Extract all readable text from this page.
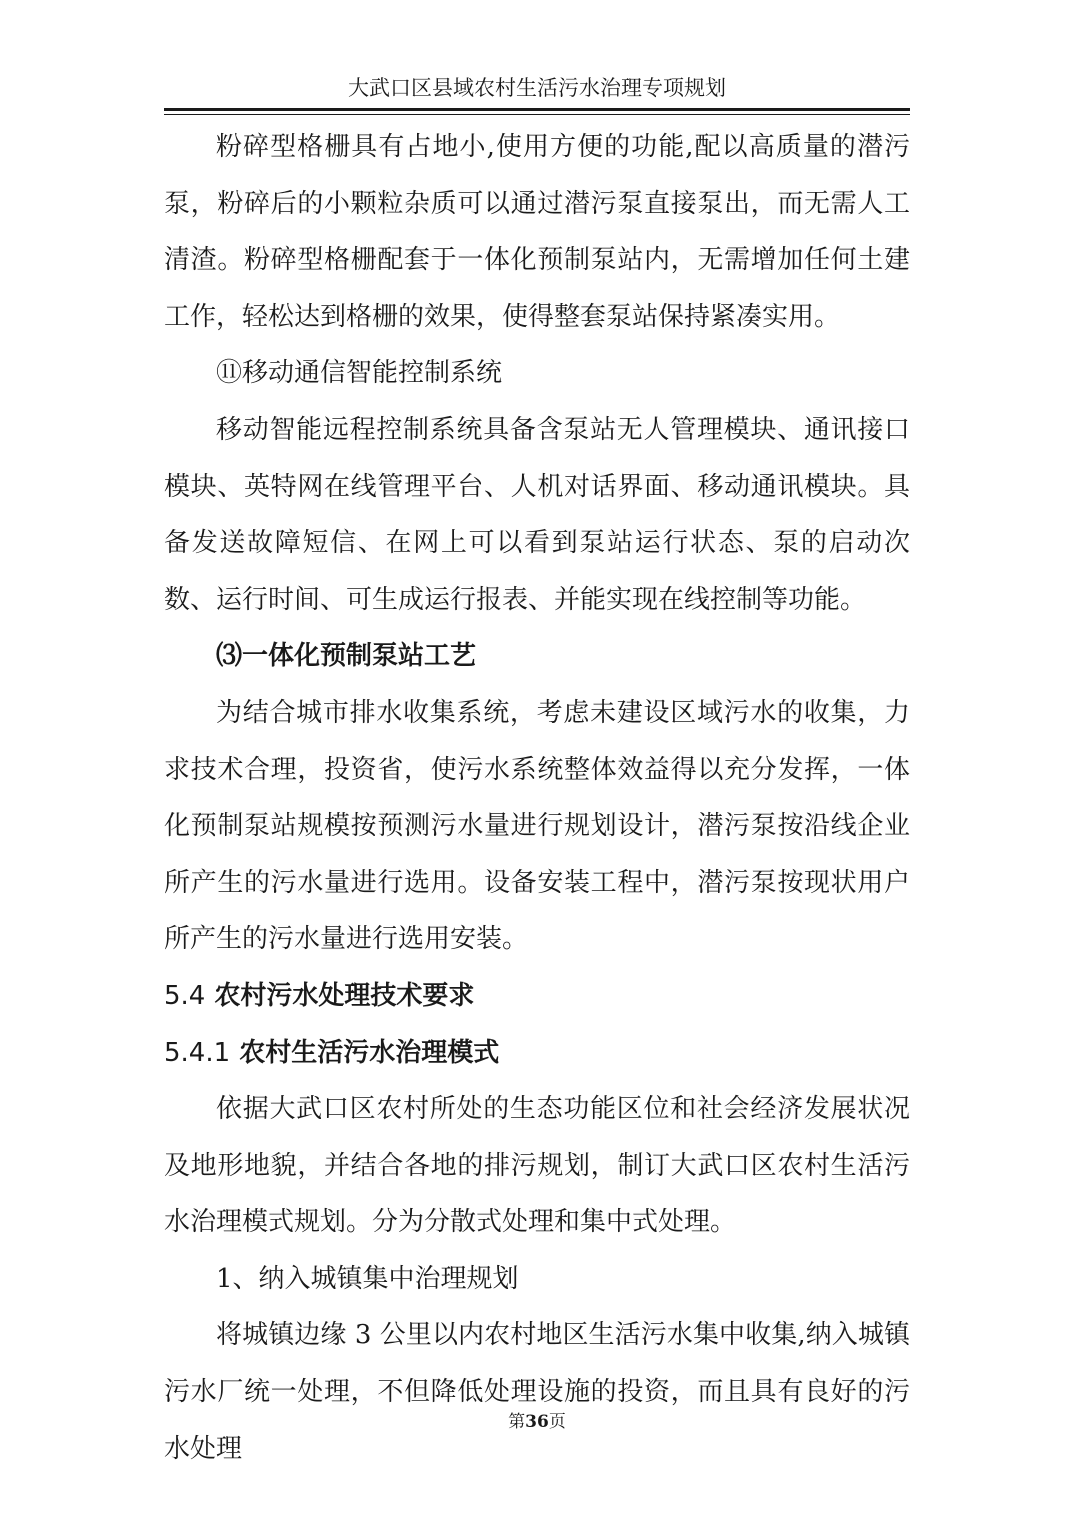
大武口区县域农村生活污水治理专项规划

粉碎型格栅具有占地小,使用方便的功能,配以高质量的潜污泵，粉碎后的小颗粒杂质可以通过潜污泵直接泵出，而无需人工清渣。粉碎型格栅配套于一体化预制泵站内，无需增加任何土建工作，轻松达到格栅的效果，使得整套泵站保持紧凑实用。

⑪移动通信智能控制系统

移动智能远程控制系统具备含泵站无人管理模块、通讯接口模块、英特网在线管理平台、人机对话界面、移动通讯模块。具备发送故障短信、在网上可以看到泵站运行状态、泵的启动次数、运行时间、可生成运行报表、并能实现在线控制等功能。

⑶一体化预制泵站工艺

为结合城市排水收集系统，考虑未建设区域污水的收集，力求技术合理，投资省，使污水系统整体效益得以充分发挥，一体化预制泵站规模按预测污水量进行规划设计，潜污泵按沿线企业所产生的污水量进行选用。设备安装工程中，潜污泵按现状用户所产生的污水量进行选用安装。

5.4 农村污水处理技术要求

5.4.1 农村生活污水治理模式

依据大武口区农村所处的生态功能区位和社会经济发展状况及地形地貌，并结合各地的排污规划，制订大武口区农村生活污水治理模式规划。分为分散式处理和集中式处理。

1、纳入城镇集中治理规划

将城镇边缘 3 公里以内农村地区生活污水集中收集,纳入城镇污水厂统一处理，不但降低处理设施的投资，而且具有良好的污水处理

第36页
